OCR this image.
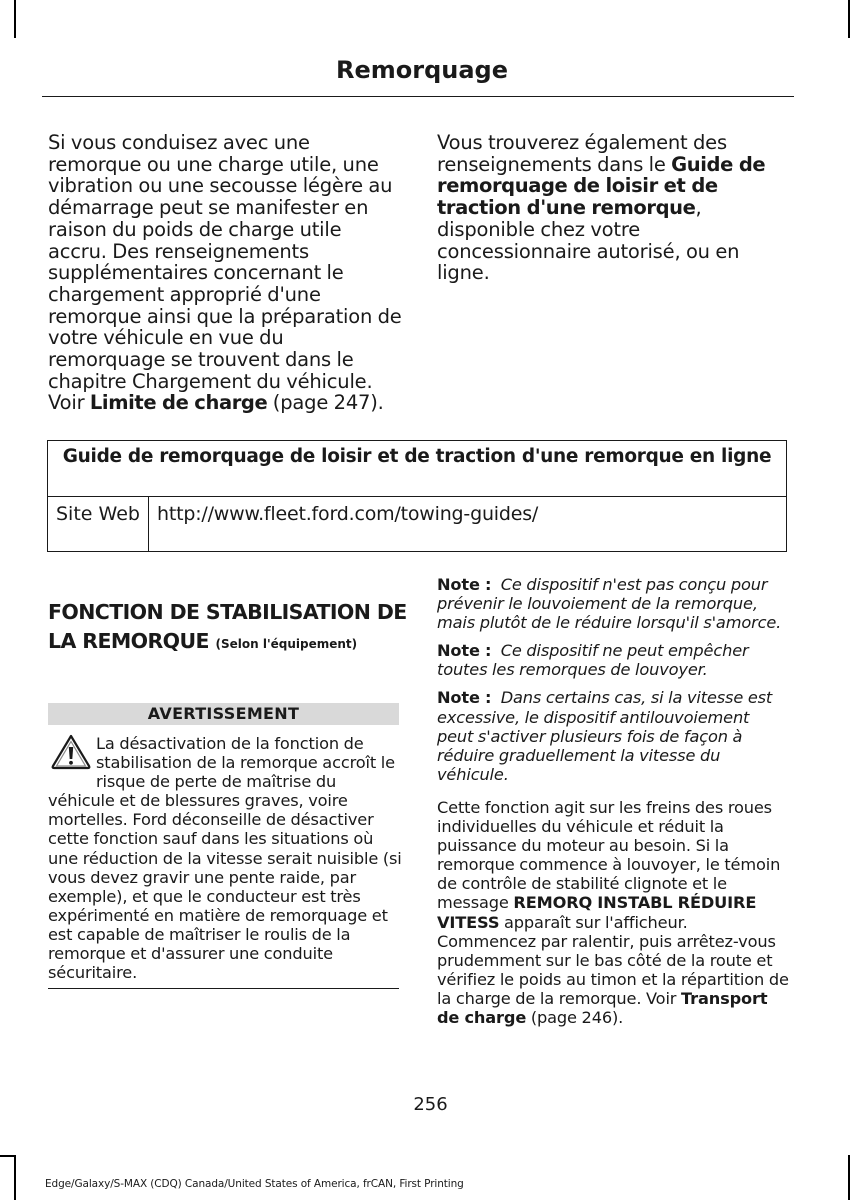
Remorquage
Si vous conduisez avec une remorque ou une charge utile, une vibration ou une secousse légère au démarrage peut se manifester en raison du poids de charge utile accru. Des renseignements supplémentaires concernant le chargement approprié d'une remorque ainsi que la préparation de votre véhicule en vue du remorquage se trouvent dans le chapitre Chargement du véhicule. Voir Limite de charge (page 247).
Vous trouverez également des renseignements dans le Guide de remorquage de loisir et de traction d'une remorque, disponible chez votre concessionnaire autorisé, ou en ligne.
Guide de remorquage de loisir et de traction d'une remorque en ligne
Site Web http://www.fleet.ford.com/towing-guides/
FONCTION DE STABILISATION DE LA REMORQUE (Selon l'équipement)
AVERTISSEMENT
La désactivation de la fonction de stabilisation de la remorque accroît le risque de perte de maîtrise du véhicule et de blessures graves, voire mortelles. Ford déconseille de désactiver cette fonction sauf dans les situations où une réduction de la vitesse serait nuisible (si vous devez gravir une pente raide, par exemple), et que le conducteur est très expérimenté en matière de remorquage et est capable de maîtriser le roulis de la remorque et d'assurer une conduite sécuritaire.

Note : Ce dispositif n'est pas conçu pour prévenir le louvoiement de la remorque, mais plutôt de le réduire lorsqu'il s'amorce.

Note : Ce dispositif ne peut empêcher toutes les remorques de louvoyer.

Note : Dans certains cas, si la vitesse est excessive, le dispositif antilouvoiement peut s'activer plusieurs fois de façon à réduire graduellement la vitesse du véhicule.

Cette fonction agit sur les freins des roues individuelles du véhicule et réduit la puissance du moteur au besoin. Si la remorque commence à louvoyer, le témoin de contrôle de stabilité clignote et le message REMORQ INSTABL RÉDUIRE VITESS apparaît sur l'afficheur. Commencez par ralentir, puis arrêtez-vous prudemment sur le bas côté de la route et vérifiez le poids au timon et la répartition de la charge de la remorque. Voir Transport de charge (page 246).

256
Edge/Galaxy/S-MAX (CDQ) Canada/United States of America, frCAN, First Printing
